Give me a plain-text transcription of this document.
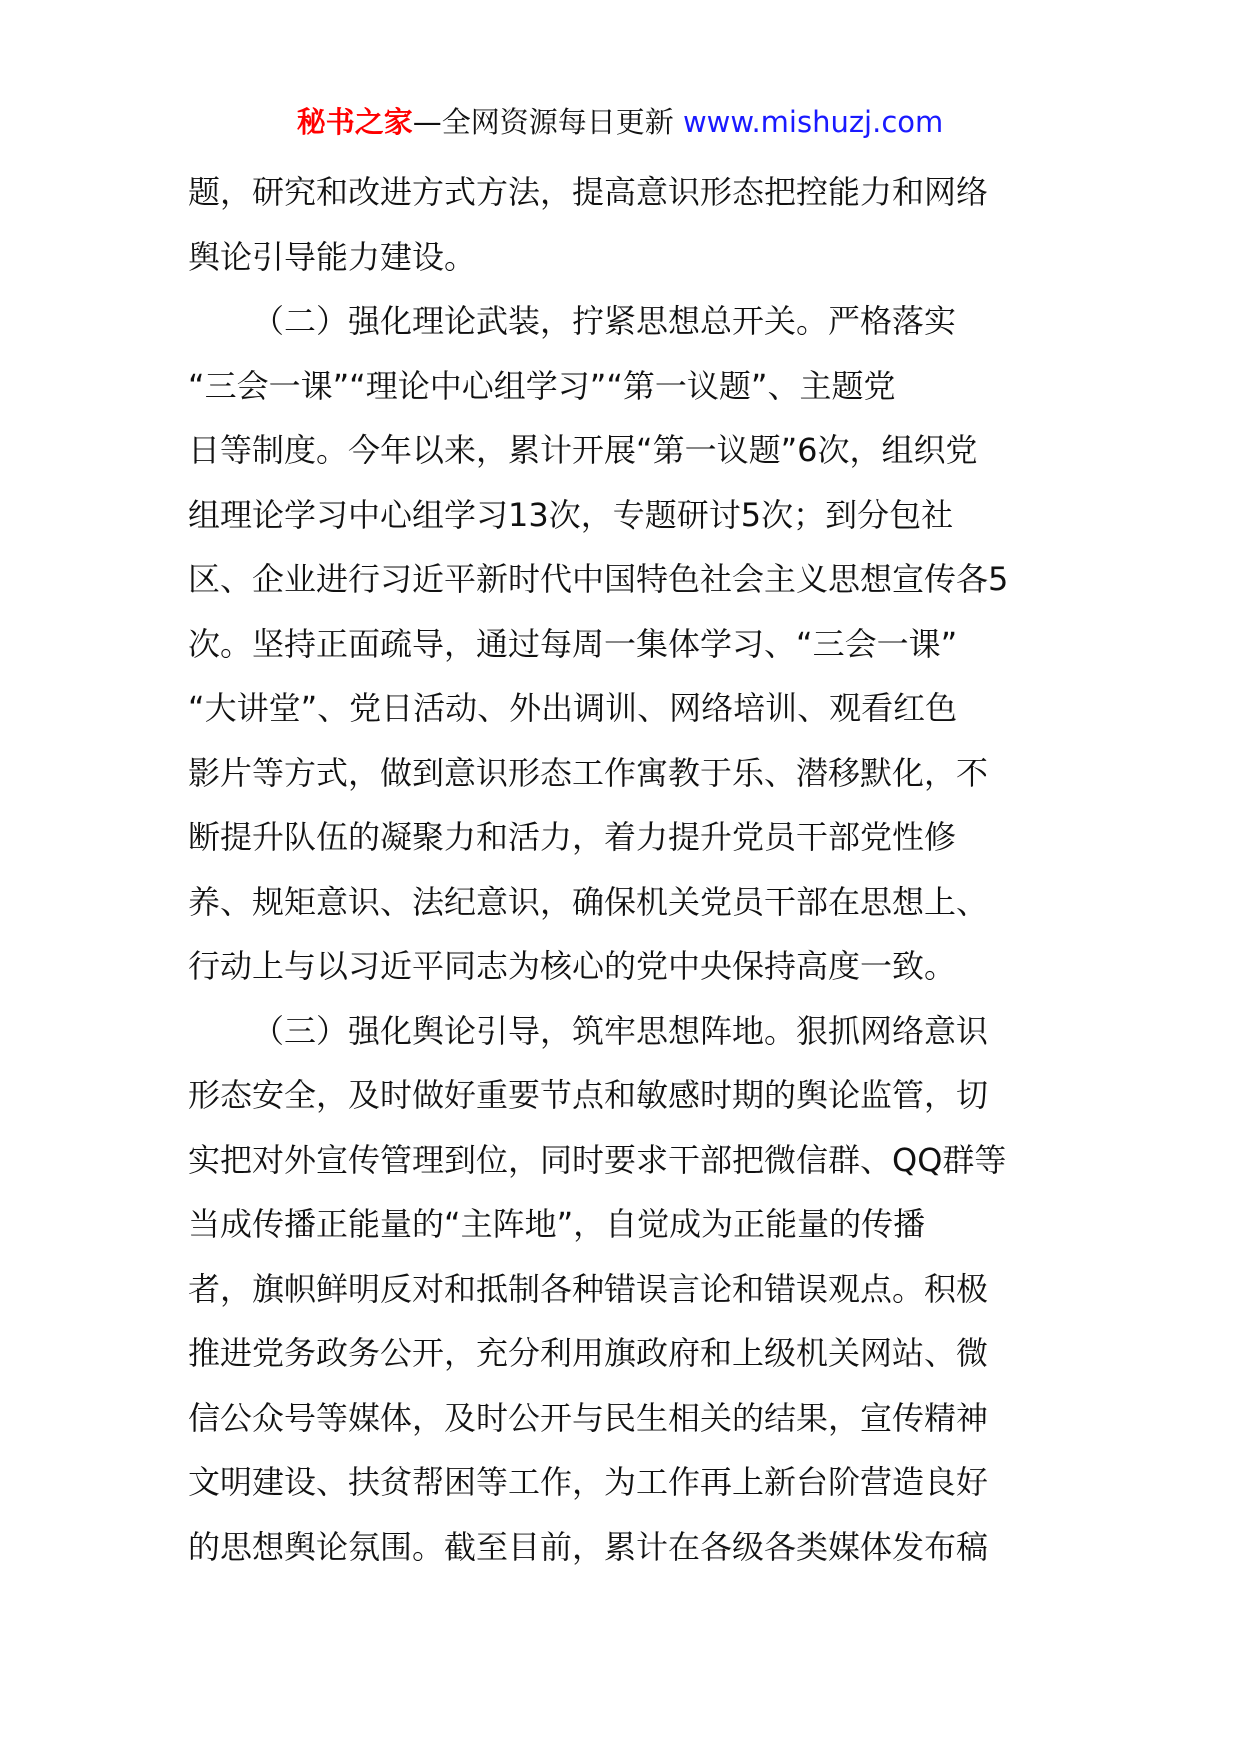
秘书之家—全网资源每日更新 www.mishuzj.com
题，研究和改进方式方法，提高意识形态把控能力和网络
舆论引导能力建设。
（二）强化理论武装，拧紧思想总开关。严格落实
“三会一课”“理论中心组学习”“第一议题”、主题党
日等制度。今年以来，累计开展“第一议题”6次，组织党
组理论学习中心组学习13次，专题研讨5次；到分包社
区、企业进行习近平新时代中国特色社会主义思想宣传各5
次。坚持正面疏导，通过每周一集体学习、“三会一课”
“大讲堂”、党日活动、外出调训、网络培训、观看红色
影片等方式，做到意识形态工作寓教于乐、潜移默化，不
断提升队伍的凝聚力和活力，着力提升党员干部党性修
养、规矩意识、法纪意识，确保机关党员干部在思想上、
行动上与以习近平同志为核心的党中央保持高度一致。
（三）强化舆论引导，筑牢思想阵地。狠抓网络意识
形态安全，及时做好重要节点和敏感时期的舆论监管，切
实把对外宣传管理到位，同时要求干部把微信群、QQ群等
当成传播正能量的“主阵地”，自觉成为正能量的传播
者，旗帜鲜明反对和抵制各种错误言论和错误观点。积极
推进党务政务公开，充分利用旗政府和上级机关网站、微
信公众号等媒体，及时公开与民生相关的结果，宣传精神
文明建设、扶贫帮困等工作，为工作再上新台阶营造良好
的思想舆论氛围。截至目前，累计在各级各类媒体发布稿
